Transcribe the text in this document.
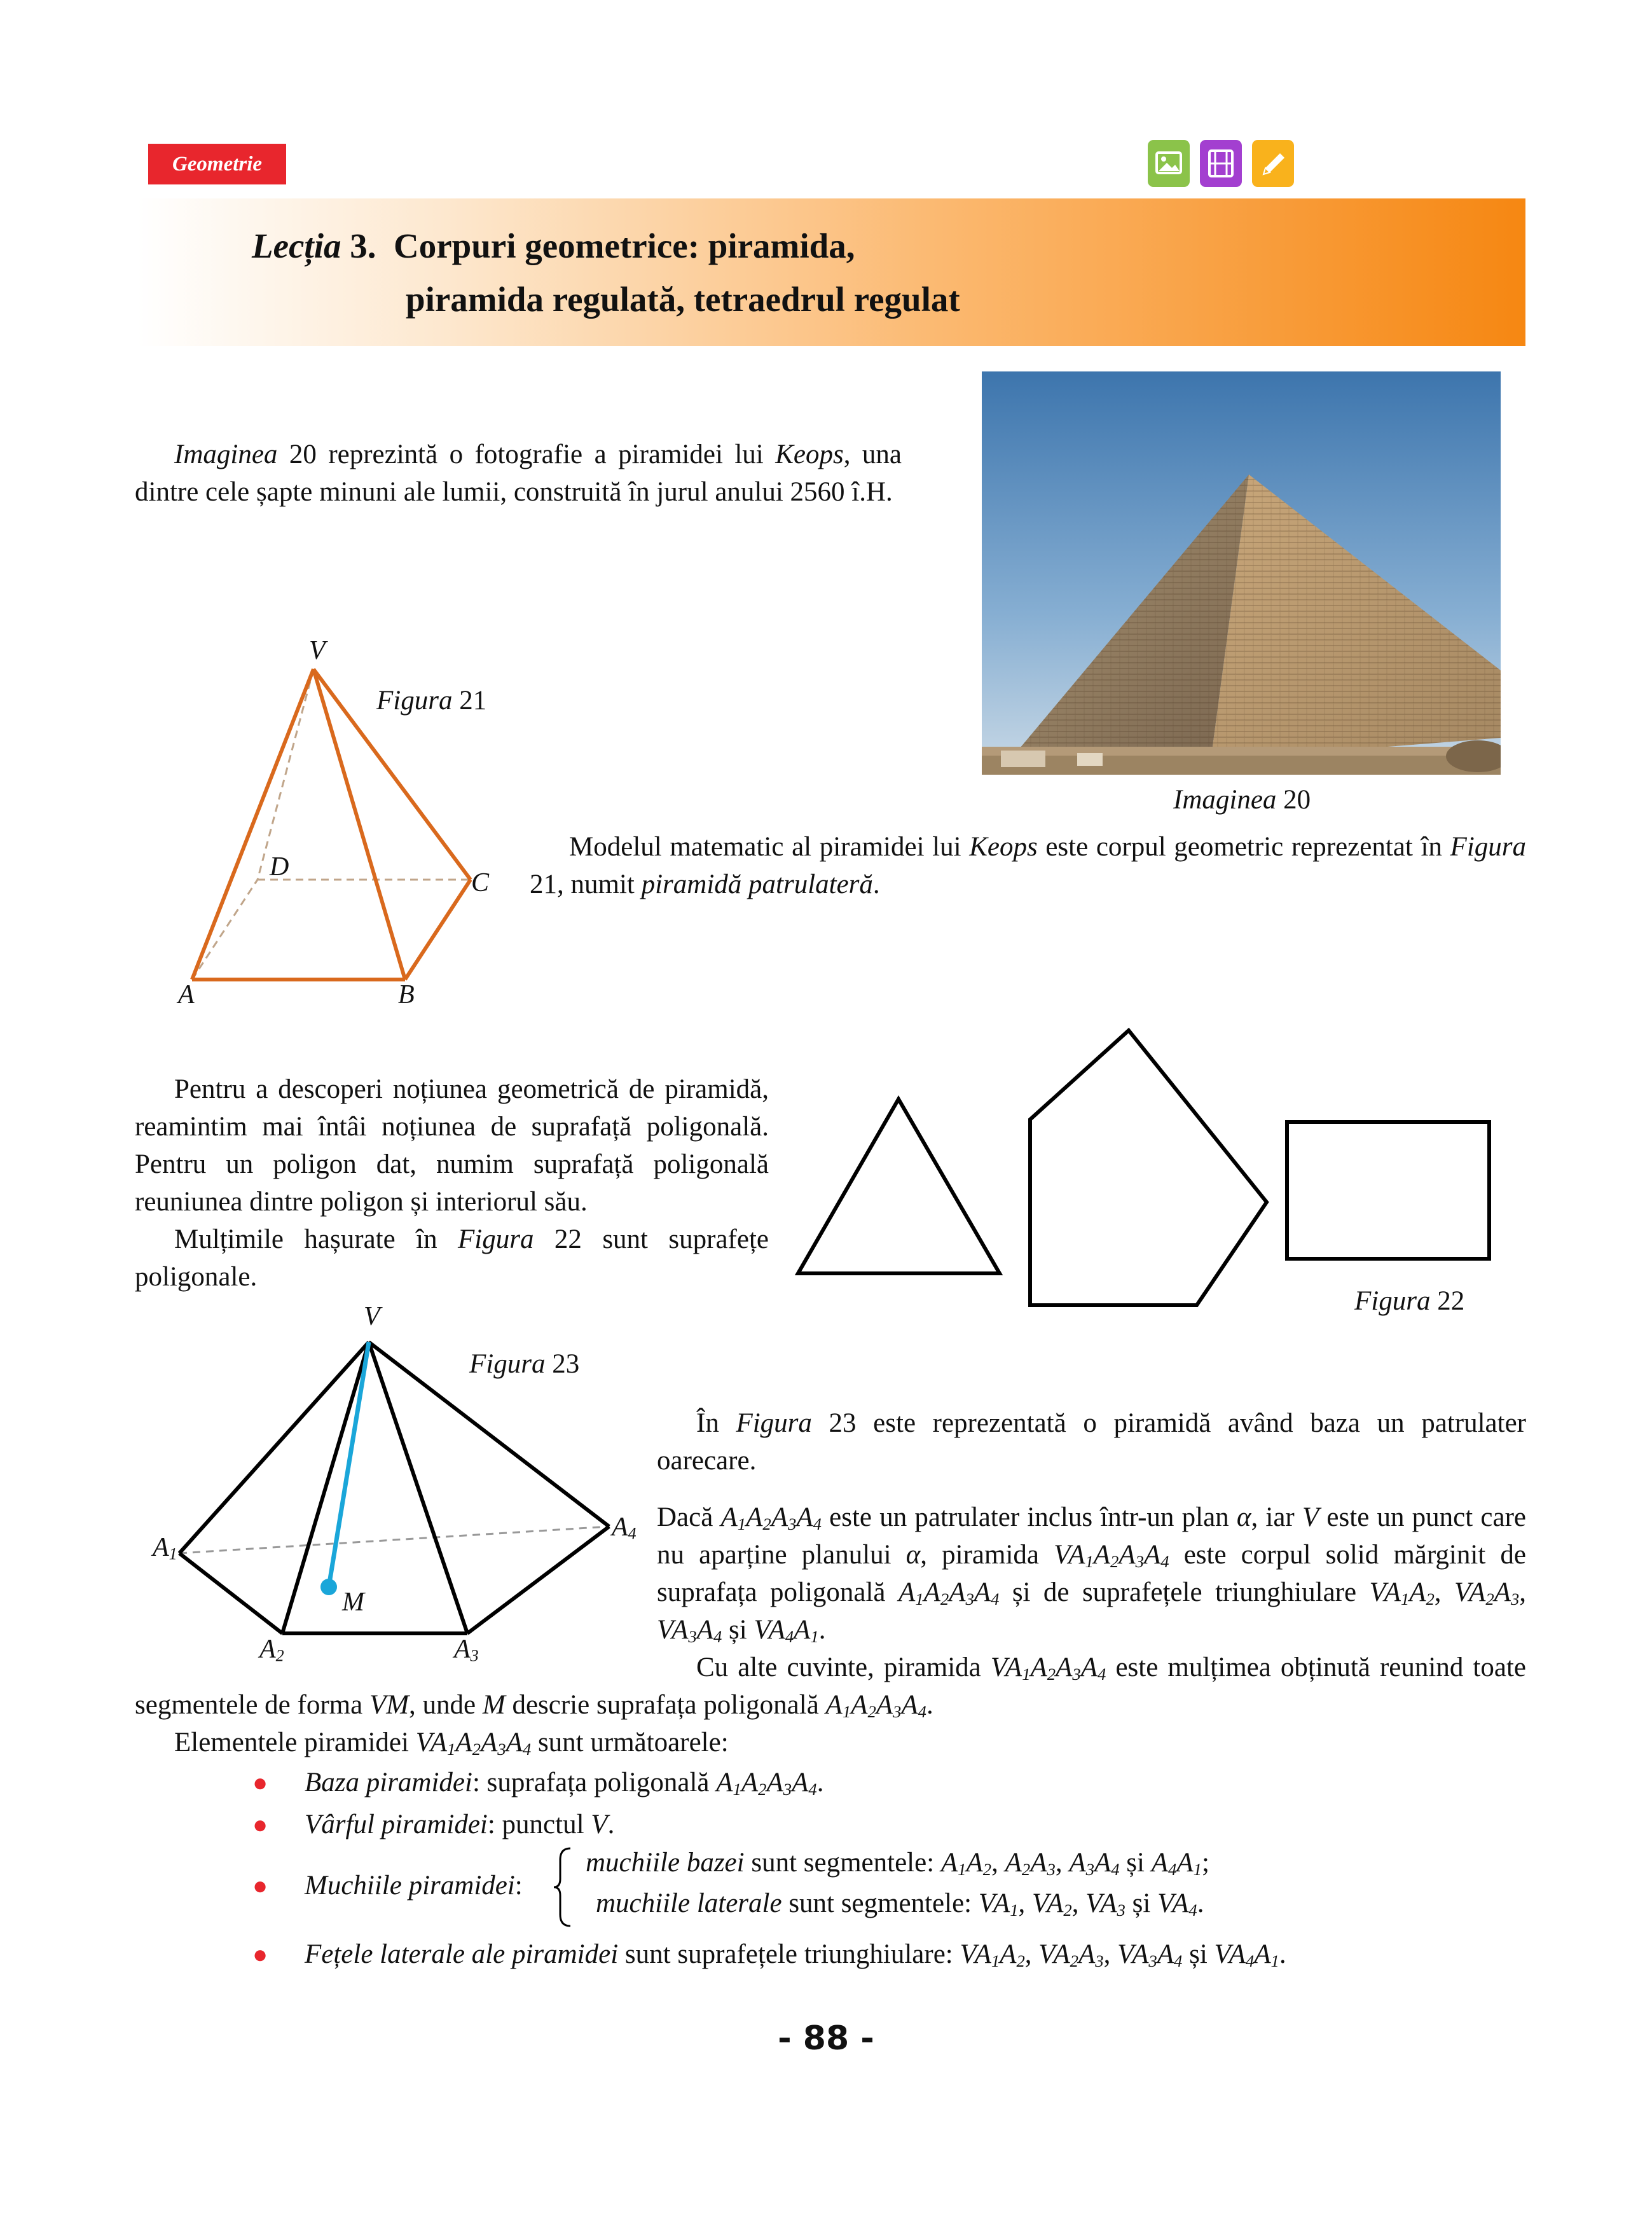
Geometrie
Lecția 3. Corpuri geometrice: piramida,
piramida regulată, tetraedrul regulat

Imaginea 20 reprezintă o fotografie a piramidei lui Keops, una dintre cele șapte minuni ale lumii, construită în jurul anului 2560 î.H.

Imaginea 20
V
D
C
A	B
Figura 21

Modelul matematic al piramidei lui Keops este corpul geometric reprezentat în Figura 21, numit piramidă patrulateră.

Pentru a descoperi noțiunea geometrică de piramidă, reamintim mai întâi noțiunea de suprafață poligonală. Pentru un poligon dat, numim suprafață poligonală reuniunea dintre poligon și interiorul său.

Mulțimile hașurate în Figura 22 sunt suprafețe poligonale.

Figura 22
V
$A_1$
$A_2$	$A_3$
$A_4$
M
Figura 23

În Figura 23 este reprezentată o piramidă având baza un patrulater oarecare.

Dacă $A_1A_2A_3A_4$ este un patrulater inclus într-un plan α, iar V este un punct care nu aparține planului α, piramida $VA_1A_2A_3A_4$ este corpul solid mărginit de suprafața poligonală $A_1A_2A_3A_4$ și de suprafețele triunghiulare $VA_1A_2$, $VA_2A_3$, $VA_3A_4$ și $VA_4A_1$.

Cu alte cuvinte, piramida $VA_1A_2A_3A_4$ este mulțimea obținută reunind toate segmentele de forma VM, unde M descrie suprafața poligonală $A_1A_2A_3A_4$.

Elementele piramidei $VA_1A_2A_3A_4$ sunt următoarele:

● Baza piramidei: suprafața poligonală $A_1A_2A_3A_4$.
● Vârful piramidei: punctul V.
● Muchiile piramidei:
muchiile bazei sunt segmentele: $A_1A_2$, $A_2A_3$, $A_3A_4$ și $A_4A_1$;
muchiile laterale sunt segmentele: $VA_1$, $VA_2$, $VA_3$ și $VA_4$.
● Fețele laterale ale piramidei sunt suprafețele triunghiulare: $VA_1A_2$, $VA_2A_3$, $VA_3A_4$ și $VA_4A_1$.
- 88 -
